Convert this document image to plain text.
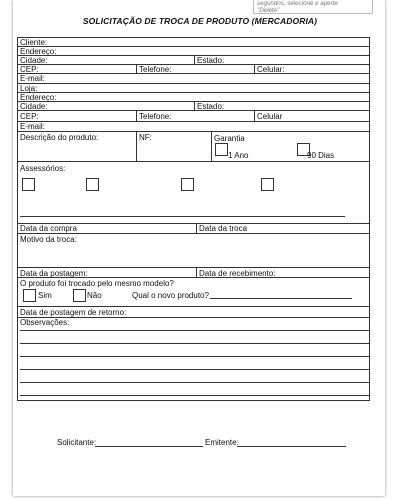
segundos, selecione e aperte
"Delete"
SOLICITAÇÃO DE TROCA DE PRODUTO (MERCADORIA)
Cliente:
Endereço:
Cidade:	Estado:
CEP:	Telefone:	Celular:
E-mail:
Loja:
Endereço:
Cidade:	Estado:
CEP:	Telefone:	Celular
E-mail:
Descrição do produto:	NF:	Garantia
1 Ano	90 Dias
Assessórios:
Data da compra	Data da troca
Motivo da troca:
Data da postagem:	Data de recebimento:
O produto foi trocado pelo mesmo modelo?
Sim	Não	Qual o novo produto?
Data de postagem de retorno:
Observações:
Solicitante:	Emitente:
